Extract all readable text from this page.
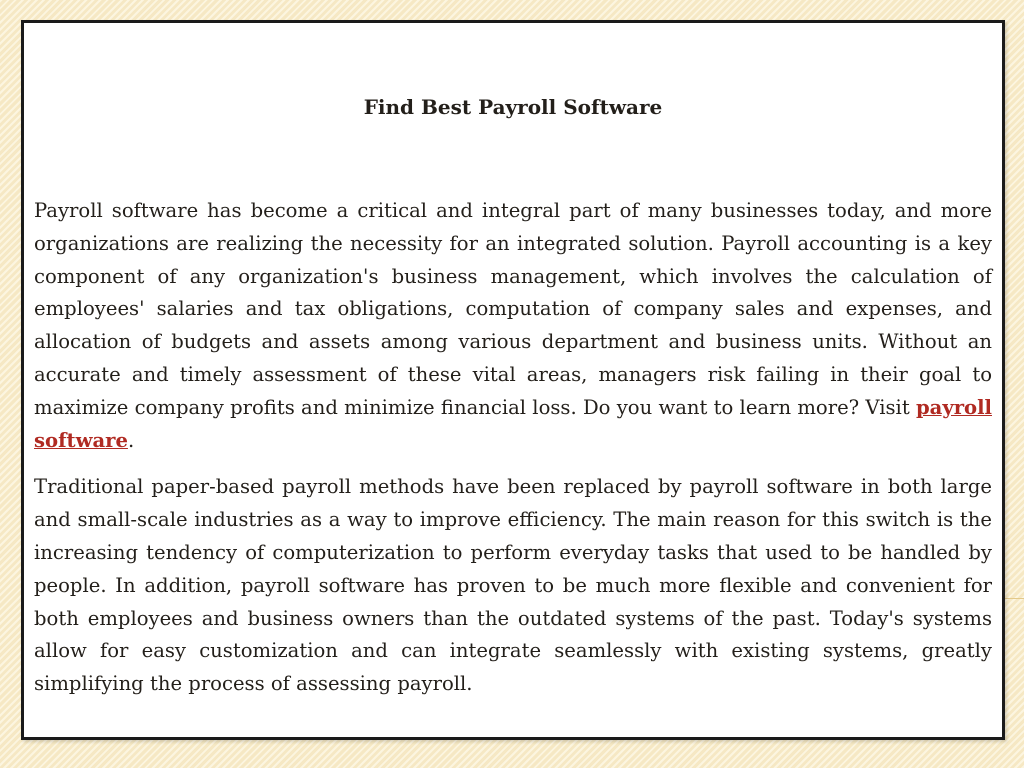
Find Best Payroll Software

Payroll software has become a critical and integral part of many businesses today, and more organizations are realizing the necessity for an integrated solution. Payroll accounting is a key component of any organization's business management, which involves the calculation of employees' salaries and tax obligations, computation of company sales and expenses, and allocation of budgets and assets among various department and business units. Without an accurate and timely assessment of these vital areas, managers risk failing in their goal to maximize company profits and minimize financial loss. Do you want to learn more? Visit payroll software.

Traditional paper-based payroll methods have been replaced by payroll software in both large and small-scale industries as a way to improve efficiency. The main reason for this switch is the increasing tendency of computerization to perform everyday tasks that used to be handled by people. In addition, payroll software has proven to be much more flexible and convenient for both employees and business owners than the outdated systems of the past. Today's systems allow for easy customization and can integrate seamlessly with existing systems, greatly simplifying the process of assessing payroll.
